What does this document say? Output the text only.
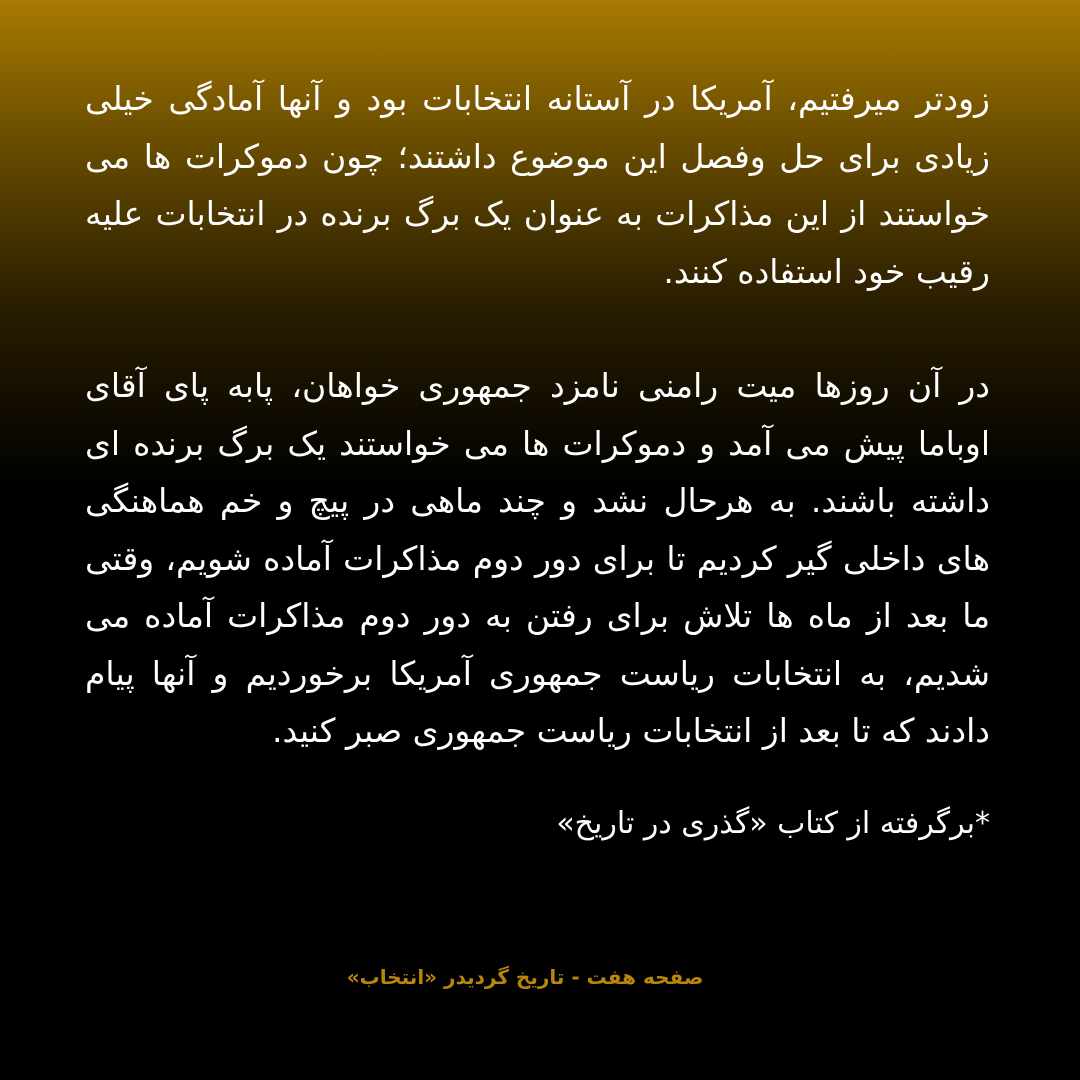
زودتر میرفتیم، آمریکا در آستانه انتخابات بود و آنها آمادگی خیلی زیادی برای حل وفصل این موضوع داشتند؛ چون دموکرات ها می خواستند از این مذاکرات به عنوان یک برگ برنده در انتخابات علیه رقیب خود استفاده کنند.

در آن روزها میت رامنی نامزد جمهوری خواهان، پابه پای آقای اوباما پیش می آمد و دموکرات ها می خواستند یک برگ برنده ای داشته باشند. به هرحال نشد و چند ماهی در پیچ و خم هماهنگی های داخلی گیر کردیم تا برای دور دوم مذاکرات آماده شویم، وقتی ما بعد از ماه ها تلاش برای رفتن به دور دوم مذاکرات آماده می شدیم، به انتخابات ریاست جمهوری آمریکا برخوردیم و آنها پیام دادند که تا بعد از انتخابات ریاست جمهوری صبر کنید.

*برگرفته از کتاب «گذری در تاریخ»
صفحه هفت - تاریخ گردیدر «انتخاب»
